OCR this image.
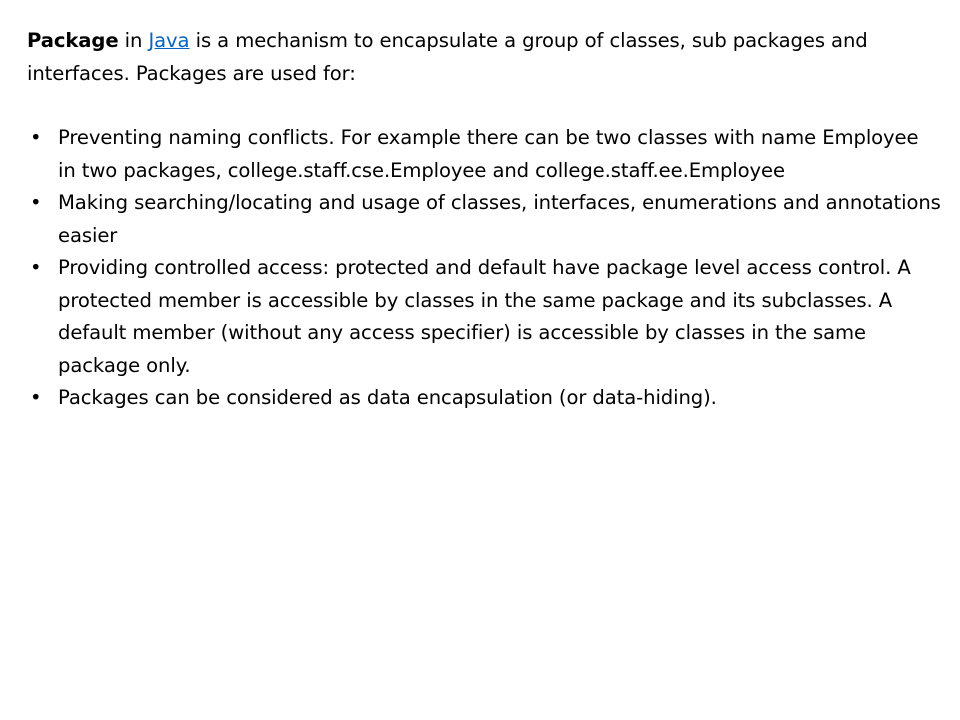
Package in Java is a mechanism to encapsulate a group of classes, sub packages and interfaces. Packages are used for:

• Preventing naming conflicts. For example there can be two classes with name Employee in two packages, college.staff.cse.Employee and college.staff.ee.Employee
• Making searching/locating and usage of classes, interfaces, enumerations and annotations easier
• Providing controlled access: protected and default have package level access control. A protected member is accessible by classes in the same package and its subclasses. A default member (without any access specifier) is accessible by classes in the same package only.
• Packages can be considered as data encapsulation (or data-hiding).
